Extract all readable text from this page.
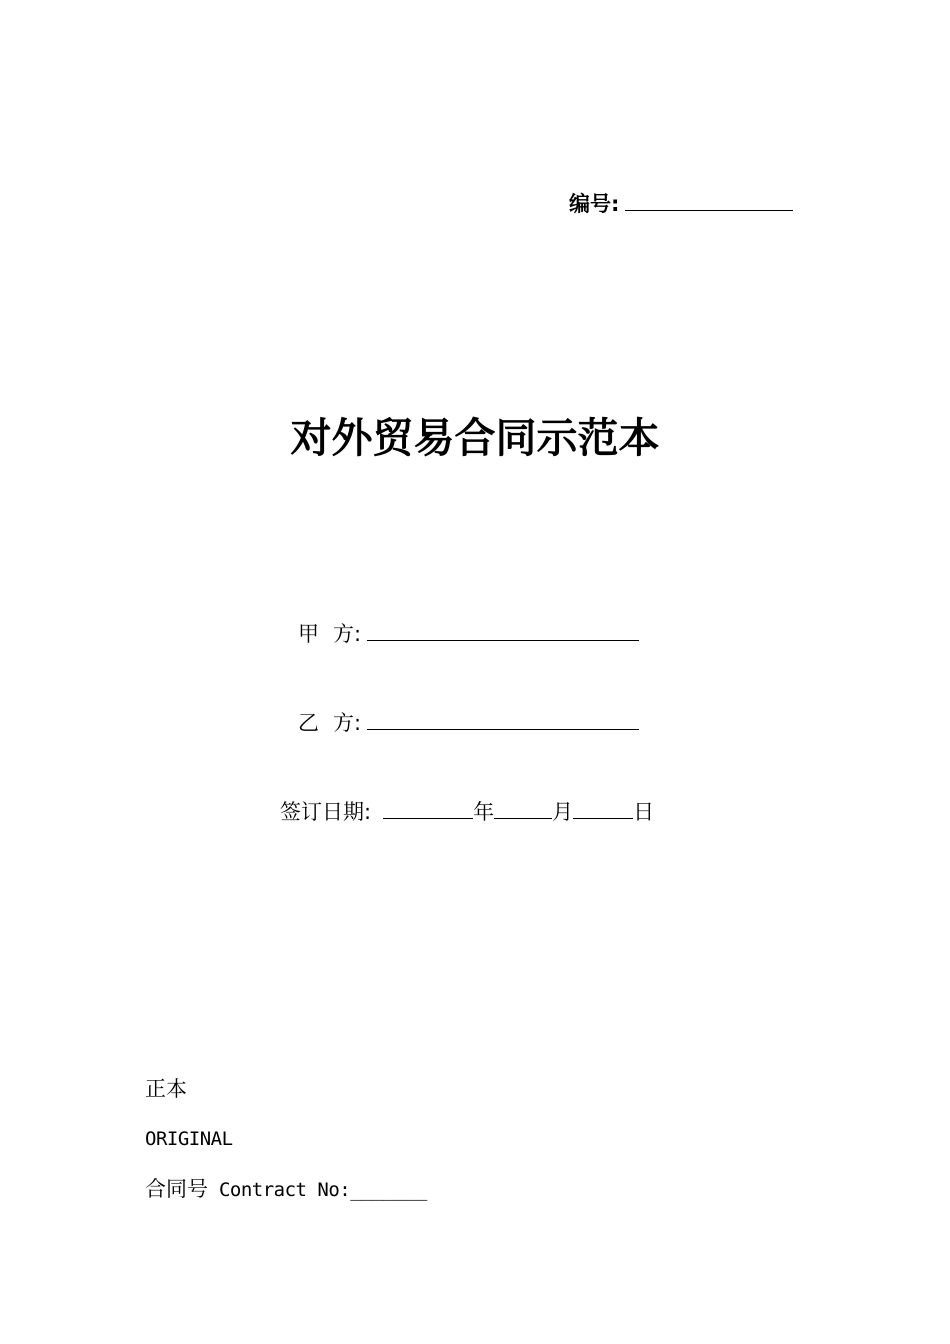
编号:
对外贸易合同示范本
甲 方:
乙 方:
签订日期:	年	月	日
正本
ORIGINAL
合同号 Contract No:_______
